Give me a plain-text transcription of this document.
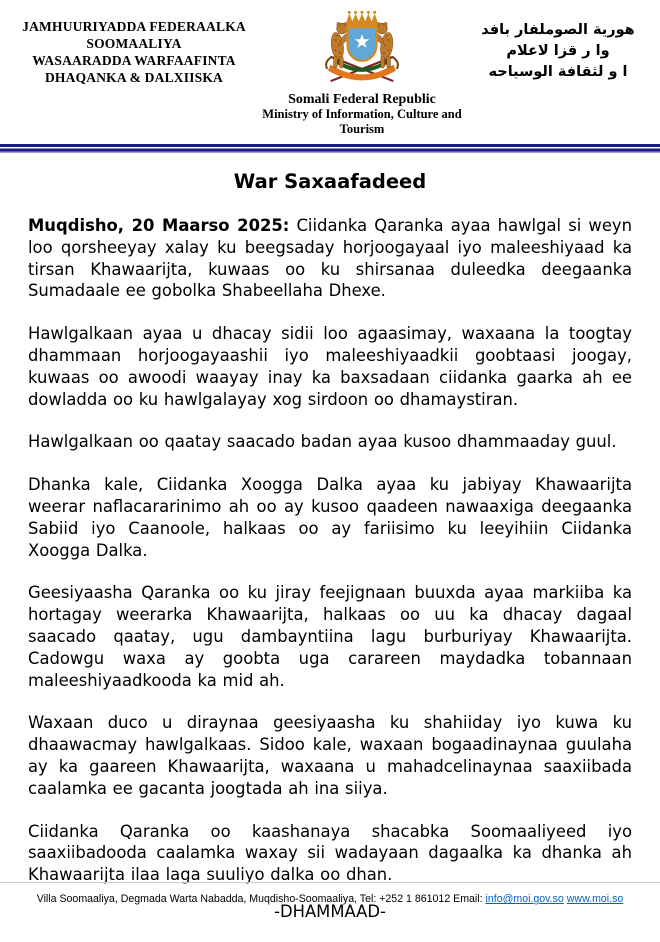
JAMHUURIYADDA FEDERAALKA
SOOMAALIYA
WASAARADDA WARFAAFINTA
DHAQANKA & DALXIISKA
Somali Federal Republic
Ministry of Information, Culture and Tourism
هورية الصوملفار بافد
وا ر قزا لاعلام
ا و لثقافة الوسياحه
War Saxaafadeed

Muqdisho, 20 Maarso 2025: Ciidanka Qaranka ayaa hawlgal si weyn loo qorsheeyay xalay ku beegsaday horjoogayaal iyo maleeshiyaad ka tirsan Khawaarijta, kuwaas oo ku shirsanaa duleedka deegaanka Sumadaale ee gobolka Shabeellaha Dhexe.

Hawlgalkaan ayaa u dhacay sidii loo agaasimay, waxaana la toogtay dhammaan horjoogayaashii iyo maleeshiyaadkii goobtaasi joogay, kuwaas oo awoodi waayay inay ka baxsadaan ciidanka gaarka ah ee dowladda oo ku hawlgalayay xog sirdoon oo dhamaystiran.

Hawlgalkaan oo qaatay saacado badan ayaa kusoo dhammaaday guul.

Dhanka kale, Ciidanka Xoogga Dalka ayaa ku jabiyay Khawaarijta weerar naflacararinimo ah oo ay kusoo qaadeen nawaaxiga deegaanka Sabiid iyo Caanoole, halkaas oo ay fariisimo ku leeyihiin Ciidanka Xoogga Dalka.

Geesiyaasha Qaranka oo ku jiray feejignaan buuxda ayaa markiiba ka hortagay weerarka Khawaarijta, halkaas oo uu ka dhacay dagaal saacado qaatay, ugu dambayntiina lagu burburiyay Khawaarijta. Cadowgu waxa ay goobta uga carareen maydadka tobannaan maleeshiyaadkooda ka mid ah.

Waxaan duco u diraynaa geesiyaasha ku shahiiday iyo kuwa ku dhaawacmay hawlgalkaas. Sidoo kale, waxaan bogaadinaynaa guulaha ay ka gaareen Khawaarijta, waxaana u mahadcelinaynaa saaxiibada caalamka ee gacanta joogtada ah ina siiya.

Ciidanka Qaranka oo kaashanaya shacabka Soomaaliyeed iyo saaxiibadooda caalamka waxay sii wadayaan dagaalka ka dhanka ah Khawaarijta ilaa laga suuliyo dalka oo dhan.

-DHAMMAAD-

Villa Soomaaliya, Degmada Warta Nabadda, Muqdisho-Soomaaliya, Tel: +252 1 861012 Email: info@moi.gov.so www.moi.so
